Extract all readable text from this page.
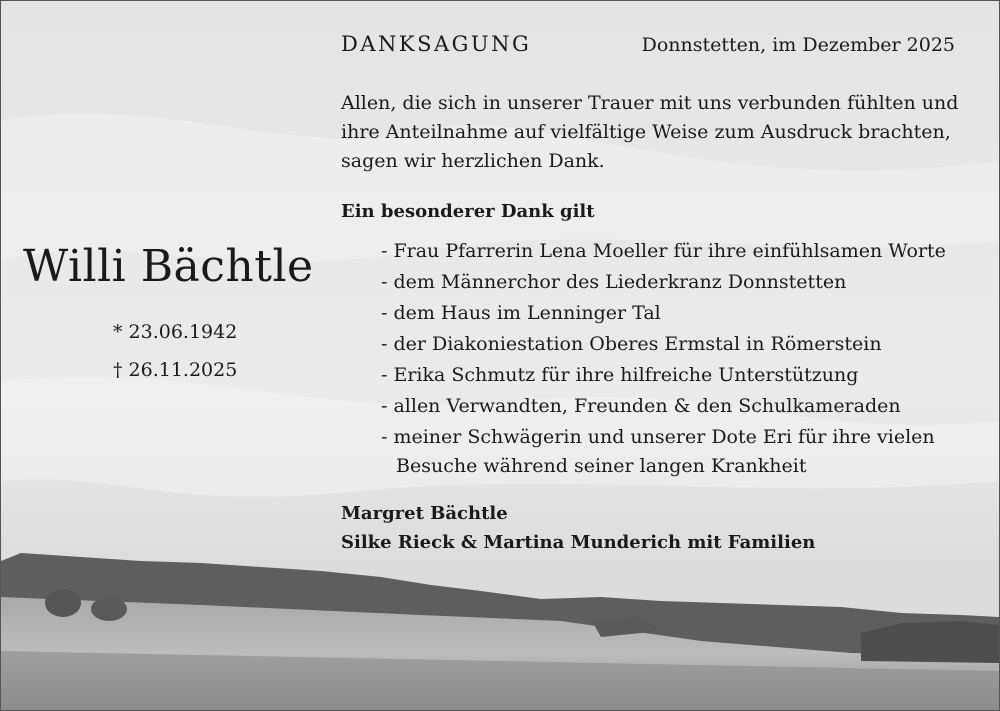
DANKSAGUNG	Donnstetten, im Dezember 2025

Allen, die sich in unserer Trauer mit uns verbunden fühlten und ihre Anteilnahme auf vielfältige Weise zum Ausdruck brachten, sagen wir herzlichen Dank.

Ein besonderer Dank gilt
- Frau Pfarrerin Lena Moeller für ihre einfühlsamen Worte
- dem Männerchor des Liederkranz Donnstetten
- dem Haus im Lenninger Tal
- der Diakoniestation Oberes Ermstal in Römerstein
- Erika Schmutz für ihre hilfreiche Unterstützung
- allen Verwandten, Freunden & den Schulkameraden
- meiner Schwägerin und unserer Dote Eri für ihre vielen Besuche während seiner langen Krankheit
Willi Bächtle
* 23.06.1942
† 26.11.2025
Margret Bächtle
Silke Rieck & Martina Munderich mit Familien
